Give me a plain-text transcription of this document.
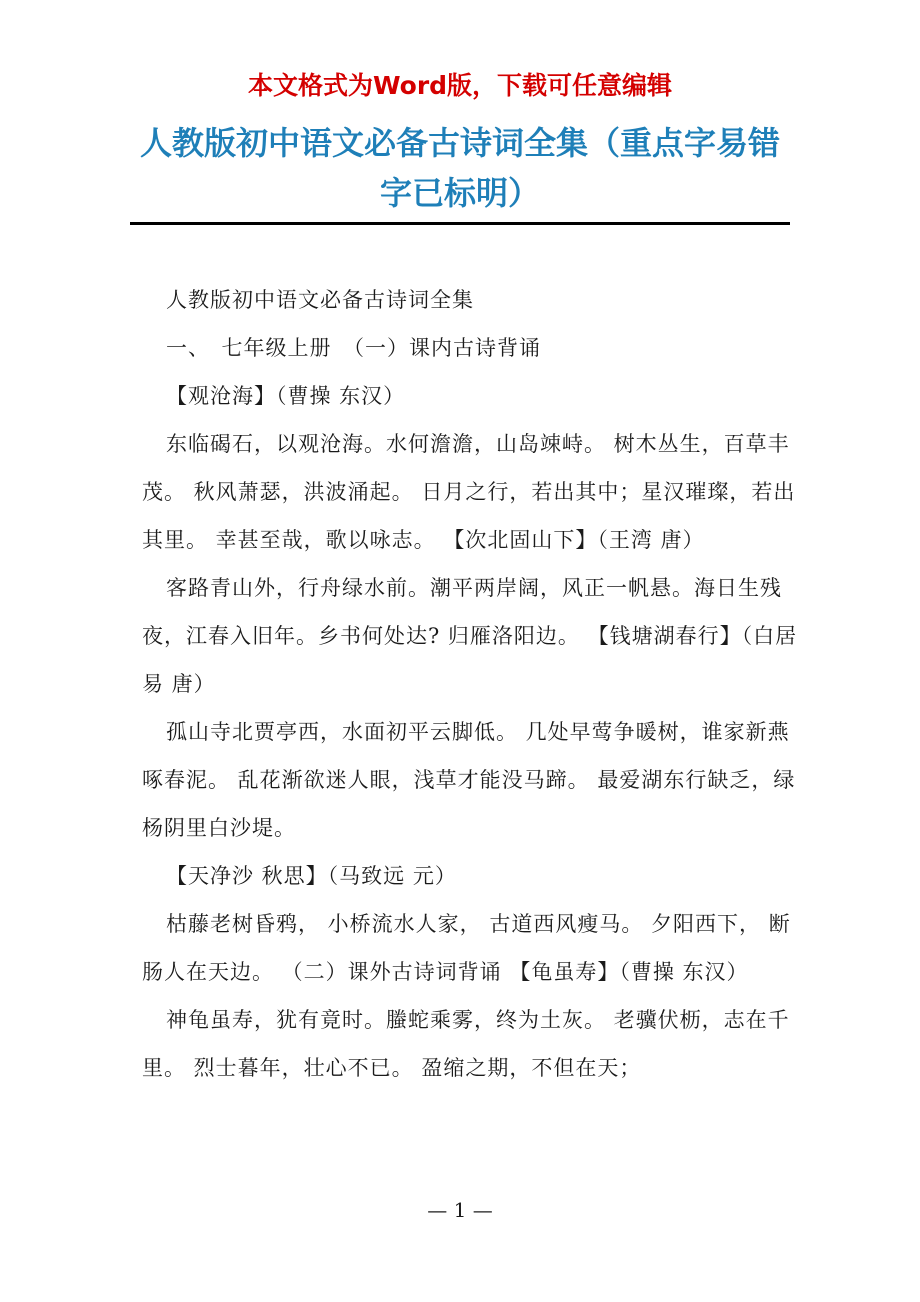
本文格式为Word版，下载可任意编辑
人教版初中语文必备古诗词全集（重点字易错字已标明）

人教版初中语文必备古诗词全集

一、　七年级上册　（一）课内古诗背诵

【观沧海】（曹操 东汉）

东临碣石，以观沧海。水何澹澹，山岛竦峙。 树木丛生，百草丰茂。 秋风萧瑟，洪波涌起。 日月之行，若出其中；星汉璀璨，若出其里。 幸甚至哉，歌以咏志。 【次北固山下】（王湾 唐）

客路青山外，行舟绿水前。潮平两岸阔，风正一帆悬。海日生残夜，江春入旧年。乡书何处达? 归雁洛阳边。 【钱塘湖春行】（白居易 唐）

孤山寺北贾亭西，水面初平云脚低。 几处早莺争暖树，谁家新燕啄春泥。 乱花渐欲迷人眼，浅草才能没马蹄。 最爱湖东行缺乏，绿杨阴里白沙堤。

【天净沙 秋思】（马致远 元）

枯藤老树昏鸦， 小桥流水人家， 古道西风瘦马。 夕阳西下， 断肠人在天边。 （二）课外古诗词背诵 【龟虽寿】（曹操 东汉）

神龟虽寿，犹有竟时。螣蛇乘雾，终为土灰。 老骥伏枥，志在千里。 烈士暮年，壮心不已。 盈缩之期，不但在天；

— 1 —
